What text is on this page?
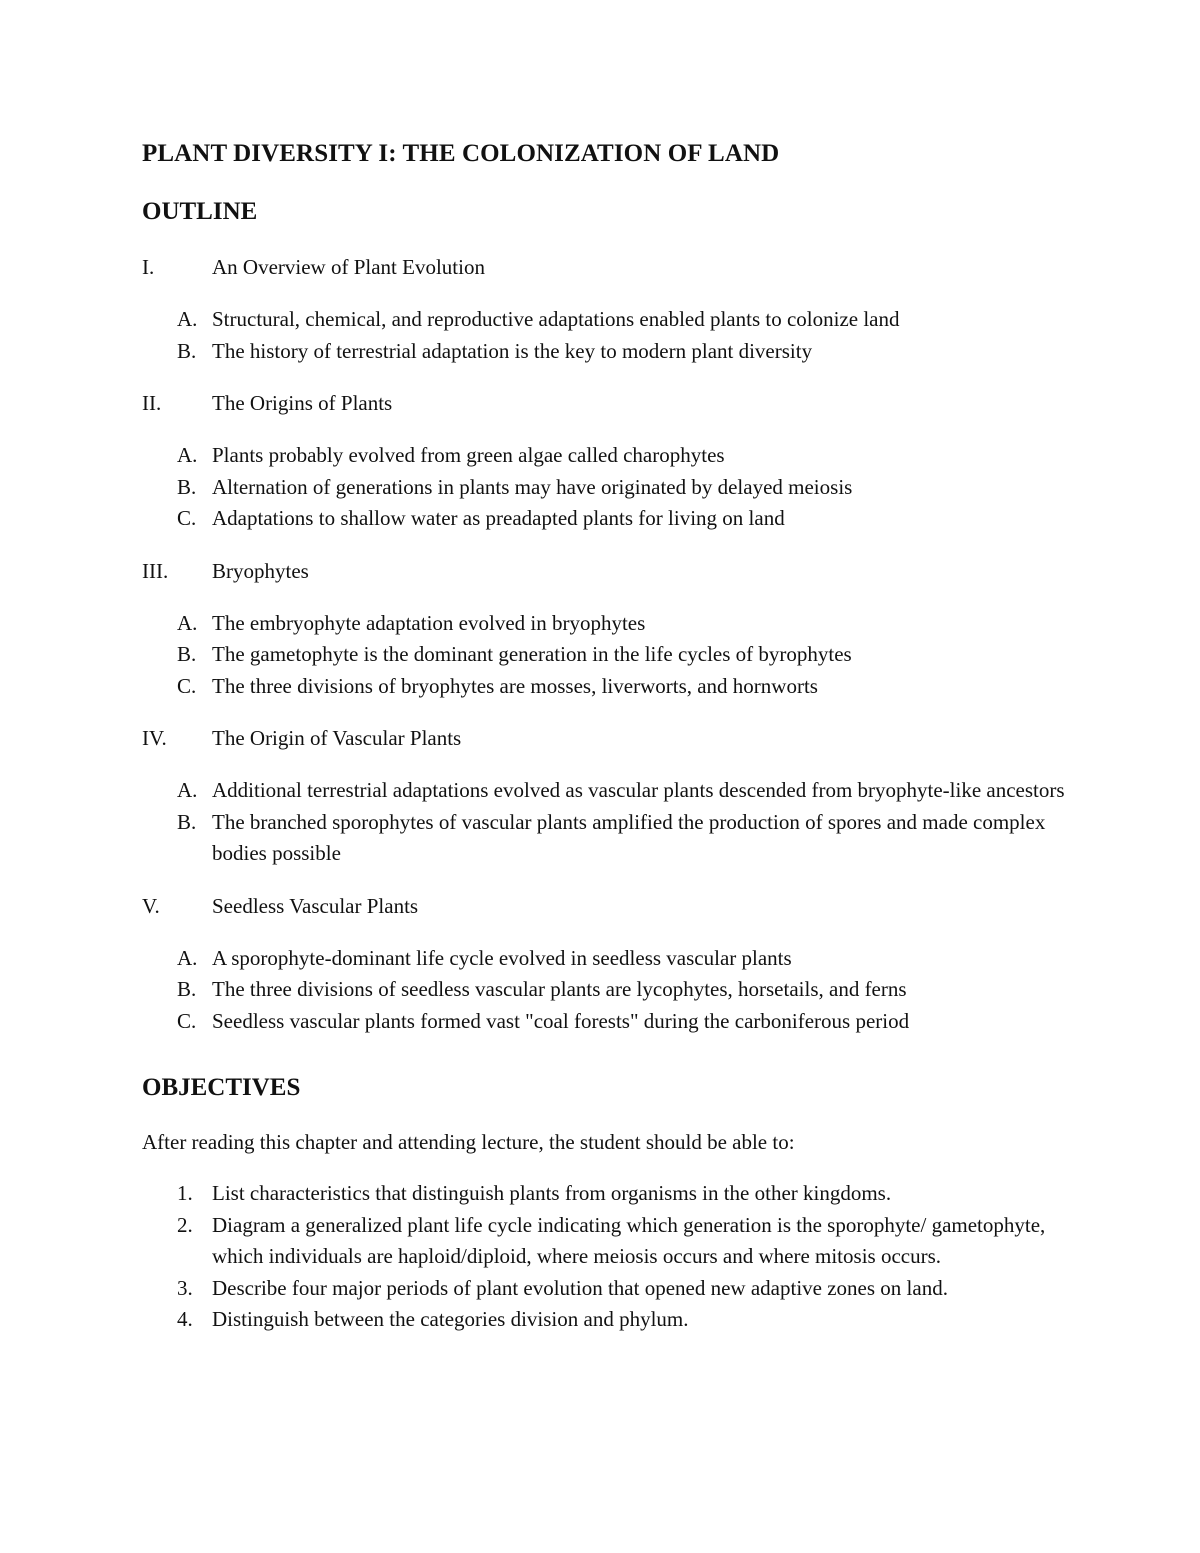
PLANT DIVERSITY I: THE COLONIZATION OF LAND
OUTLINE
I.	An Overview of Plant Evolution
A. Structural, chemical, and reproductive adaptations enabled plants to colonize land
B. The history of terrestrial adaptation is the key to modern plant diversity
II. The Origins of Plants
A. Plants probably evolved from green algae called charophytes
B. Alternation of generations in plants may have originated by delayed meiosis
C. Adaptations to shallow water as preadapted plants for living on land
III. Bryophytes
A. The embryophyte adaptation evolved in bryophytes
B. The gametophyte is the dominant generation in the life cycles of byrophytes
C. The three divisions of bryophytes are mosses, liverworts, and hornworts
IV. The Origin of Vascular Plants
A. Additional terrestrial adaptations evolved as vascular plants descended from bryophyte-like ancestors
B. The branched sporophytes of vascular plants amplified the production of spores and made complex bodies possible
V. Seedless Vascular Plants
A. A sporophyte-dominant life cycle evolved in seedless vascular plants
B. The three divisions of seedless vascular plants are lycophytes, horsetails, and ferns
C. Seedless vascular plants formed vast "coal forests" during the carboniferous period
OBJECTIVES
After reading this chapter and attending lecture, the student should be able to:
1. List characteristics that distinguish plants from organisms in the other kingdoms.
2. Diagram a generalized plant life cycle indicating which generation is the sporophyte/ gametophyte, which individuals are haploid/diploid, where meiosis occurs and where mitosis occurs.
3. Describe four major periods of plant evolution that opened new adaptive zones on land.
4. Distinguish between the categories division and phylum.
